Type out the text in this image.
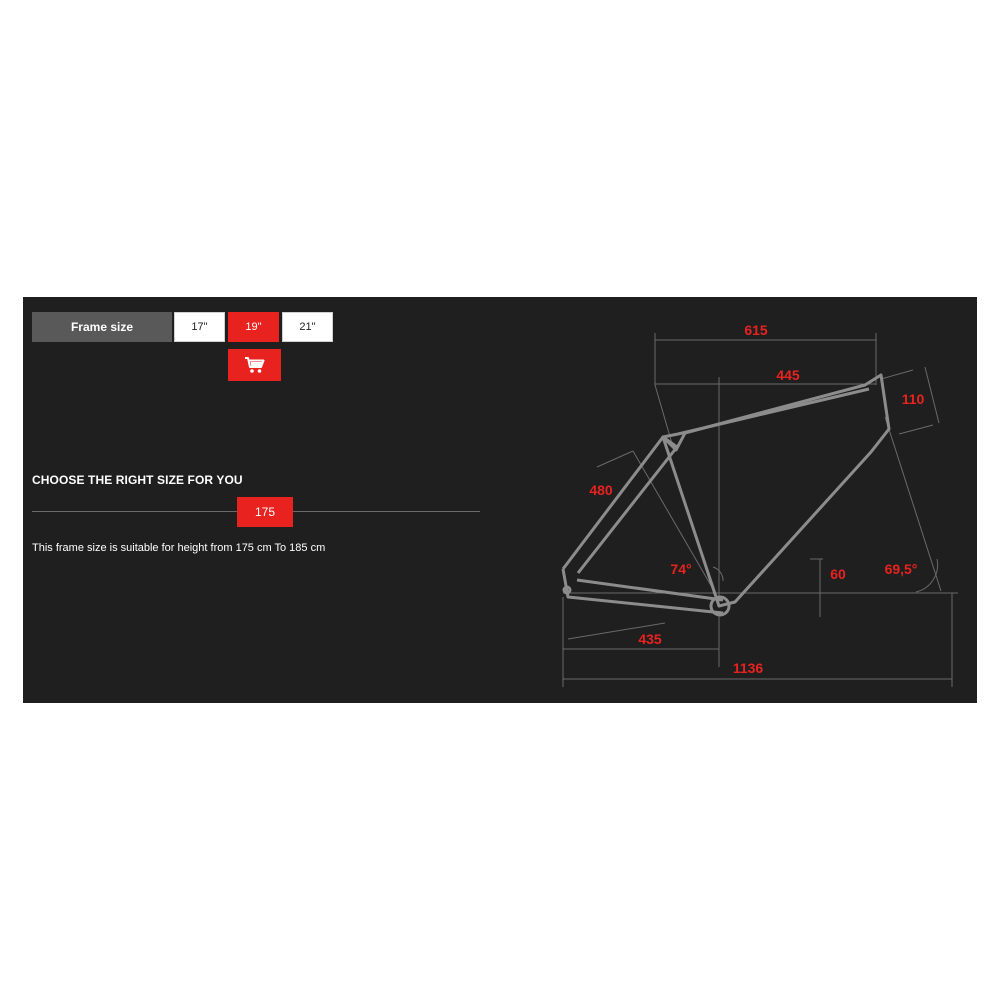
Frame size	17"	19"	21"
CHOOSE THE RIGHT SIZE FOR YOU
175
This frame size is suitable for height from 175 cm To 185 cm
615
445
110
480
74°	60	69,5°
435
1136
